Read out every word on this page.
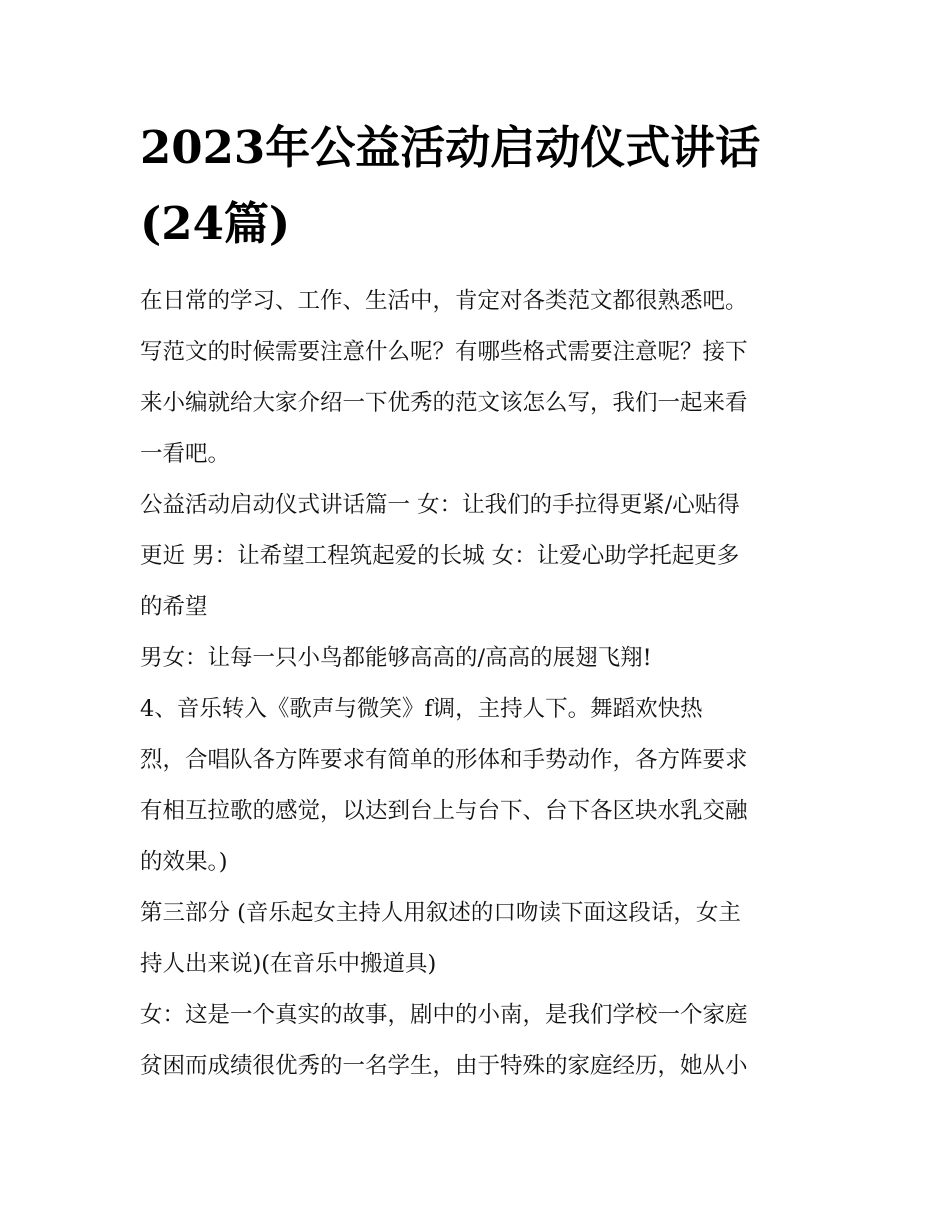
2023年公益活动启动仪式讲话
(24篇)

在日常的学习、工作、生活中，肯定对各类范文都很熟悉吧。

写范文的时候需要注意什么呢？有哪些格式需要注意呢？接下

来小编就给大家介绍一下优秀的范文该怎么写，我们一起来看

一看吧。

公益活动启动仪式讲话篇一 女：让我们的手拉得更紧/心贴得

更近 男：让希望工程筑起爱的长城 女：让爱心助学托起更多

的希望

男女：让每一只小鸟都能够高高的/高高的展翅飞翔!

4、音乐转入《歌声与微笑》f调，主持人下。舞蹈欢快热

烈，合唱队各方阵要求有简单的形体和手势动作，各方阵要求

有相互拉歌的感觉，以达到台上与台下、台下各区块水乳交融

的效果。)

第三部分 (音乐起女主持人用叙述的口吻读下面这段话，女主

持人出来说)(在音乐中搬道具)

女：这是一个真实的故事，剧中的小南，是我们学校一个家庭

贫困而成绩很优秀的一名学生，由于特殊的家庭经历，她从小
